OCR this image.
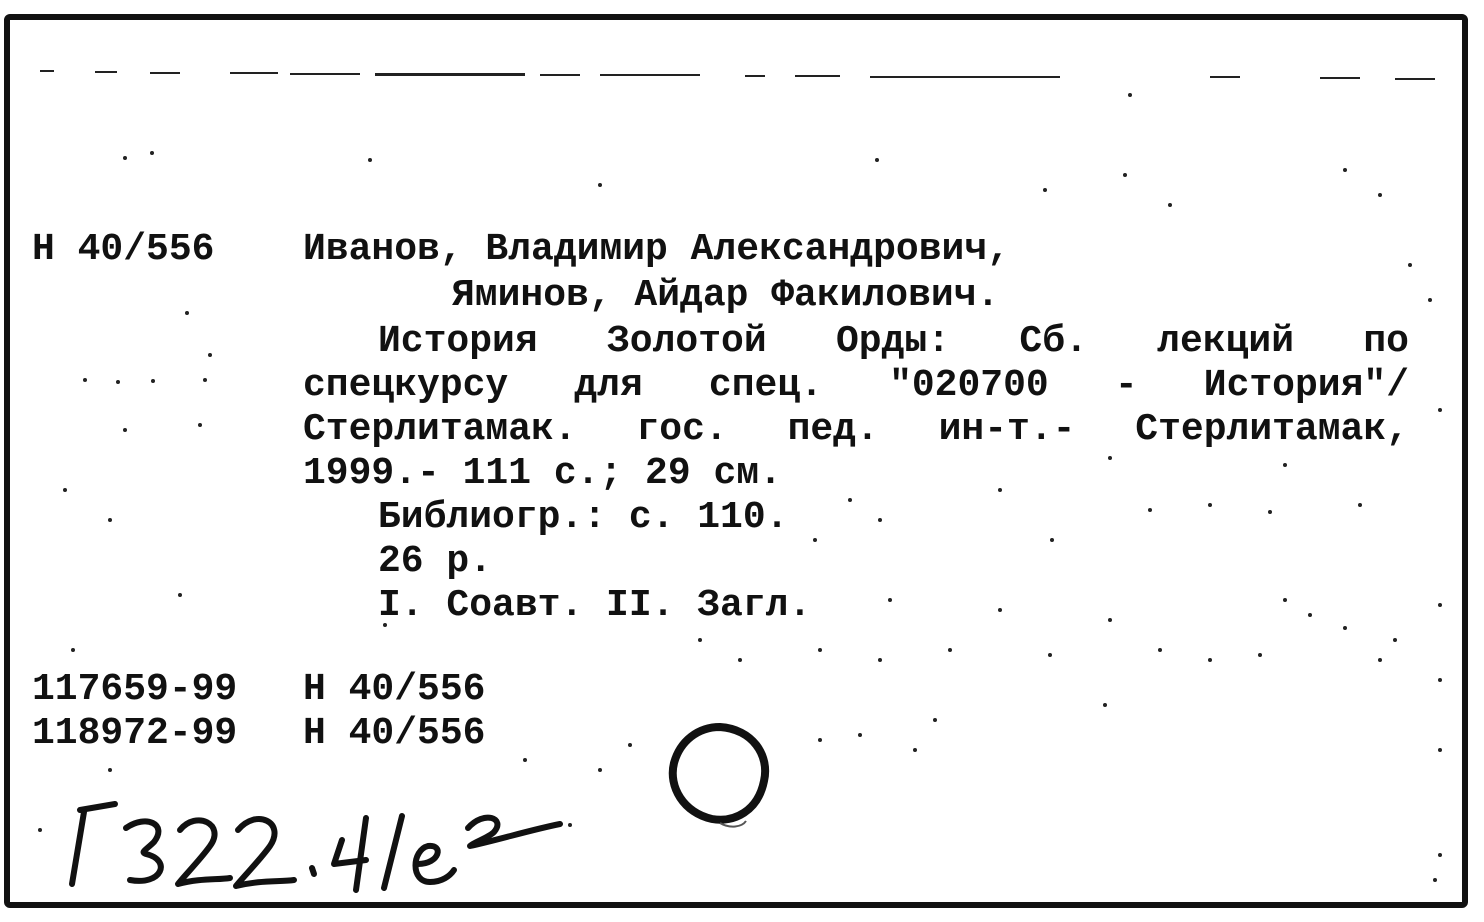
Н 40/556 Иванов, Владимир Александрович,
Яминов, Айдар Факилович.
История Золотой Орды: Сб. лекций по
спецкурсу для спец. "020700 - История"/
Стерлитамак. гос. пед. ин-т.- Стерлитамак,
1999.- 111 с.; 29 см.
Библиогр.: с. 110.
26 р.
I. Соавт. II. Загл.
117659-99 Н 40/556
118972-99 Н 40/556
